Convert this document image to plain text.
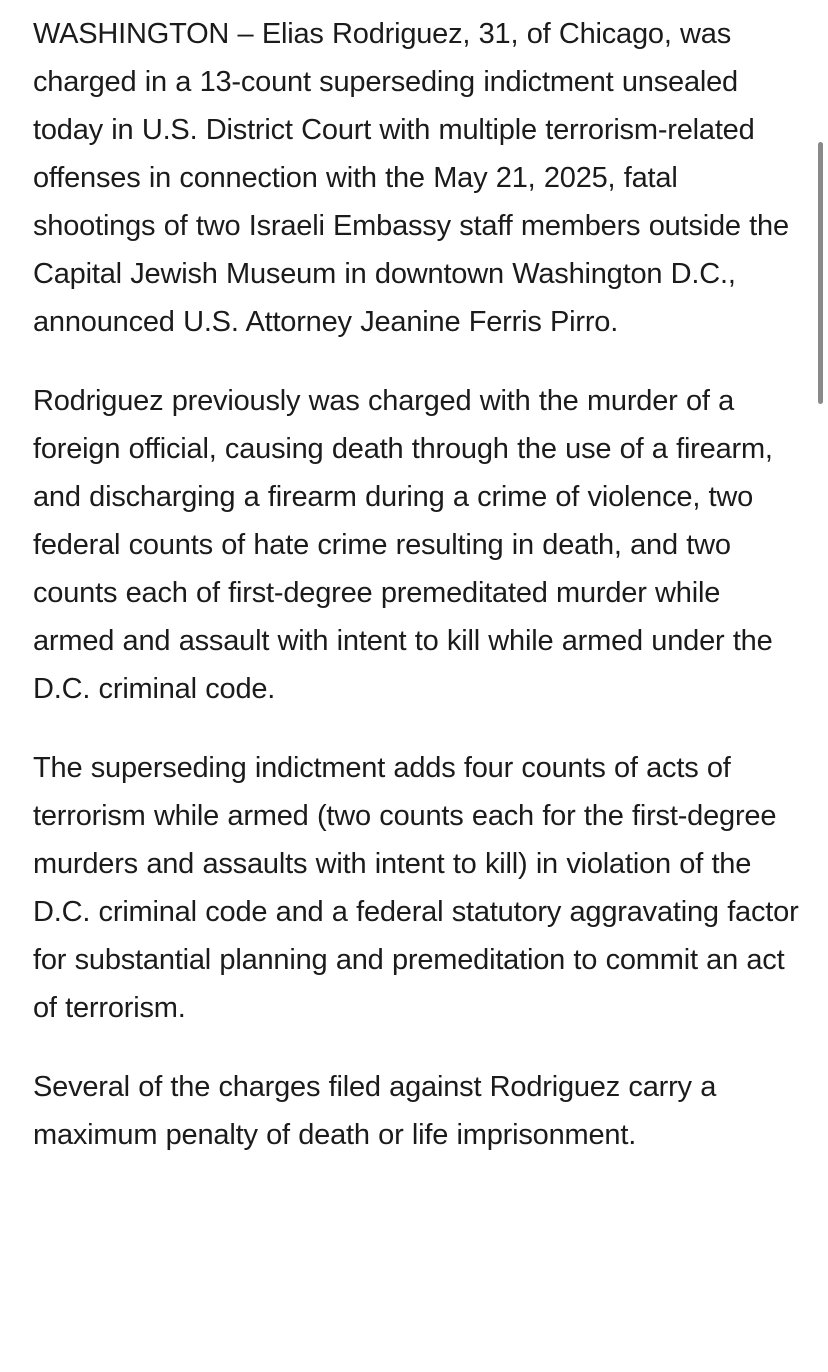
WASHINGTON – Elias Rodriguez, 31, of Chicago, was charged in a 13-count superseding indictment unsealed today in U.S. District Court with multiple terrorism-related offenses in connection with the May 21, 2025, fatal shootings of two Israeli Embassy staff members outside the Capital Jewish Museum in downtown Washington D.C., announced U.S. Attorney Jeanine Ferris Pirro.

Rodriguez previously was charged with the murder of a foreign official, causing death through the use of a firearm, and discharging a firearm during a crime of violence, two federal counts of hate crime resulting in death, and two counts each of first-degree premeditated murder while armed and assault with intent to kill while armed under the D.C. criminal code.

The superseding indictment adds four counts of acts of terrorism while armed (two counts each for the first-degree murders and assaults with intent to kill) in violation of the D.C. criminal code and a federal statutory aggravating factor for substantial planning and premeditation to commit an act of terrorism.

Several of the charges filed against Rodriguez carry a maximum penalty of death or life imprisonment.
